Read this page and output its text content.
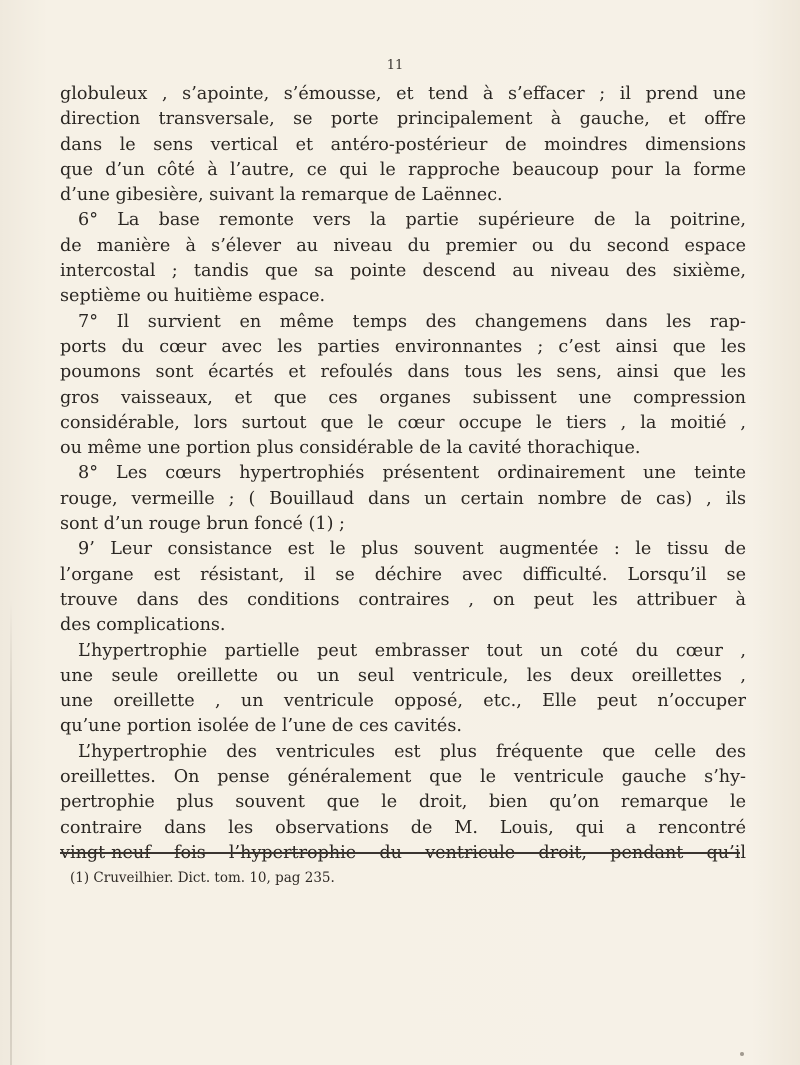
11
globuleux , s’apointe, s’émousse, et tend à s’effacer ; il prend une
direction transversale, se porte principalement à gauche, et offre
dans le sens vertical et antéro-postérieur de moindres dimensions
que d’un côté à l’autre, ce qui le rapproche beaucoup pour la forme
d’une gibesière, suivant la remarque de Laënnec.
6° La base remonte vers la partie supérieure de la poitrine,
de manière à s’élever au niveau du premier ou du second espace
intercostal ; tandis que sa pointe descend au niveau des sixième,
septième ou huitième espace.
7° Il survient en même temps des changemens dans les rap-
ports du cœur avec les parties environnantes ; c’est ainsi que les
poumons sont écartés et refoulés dans tous les sens, ainsi que les
gros vaisseaux, et que ces organes subissent une compression
considérable, lors surtout que le cœur occupe le tiers , la moitié ,
ou même une portion plus considérable de la cavité thorachique.
8° Les cœurs hypertrophiés présentent ordinairement une teinte
rouge, vermeille ; ( Bouillaud dans un certain nombre de cas) , ils
sont d’un rouge brun foncé (1) ;
9’ Leur consistance est le plus souvent augmentée : le tissu de
l’organe est résistant, il se déchire avec difficulté. Lorsqu’il se
trouve dans des conditions contraires , on peut les attribuer à
des complications.
L’hypertrophie partielle peut embrasser tout un coté du cœur ,
une seule oreillette ou un seul ventricule, les deux oreillettes ,
une oreillette , un ventricule opposé, etc., Elle peut n’occuper
qu’une portion isolée de l’une de ces cavités.
L’hypertrophie des ventricules est plus fréquente que celle des
oreillettes. On pense généralement que le ventricule gauche s’hy-
pertrophie plus souvent que le droit, bien qu’on remarque le
contraire dans les observations de M. Louis, qui a rencontré
vingt-neuf fois l’hypertrophie du ventricule droit, pendant qu’il
(1) Cruveilhier. Dict. tom. 10, pag 235.
